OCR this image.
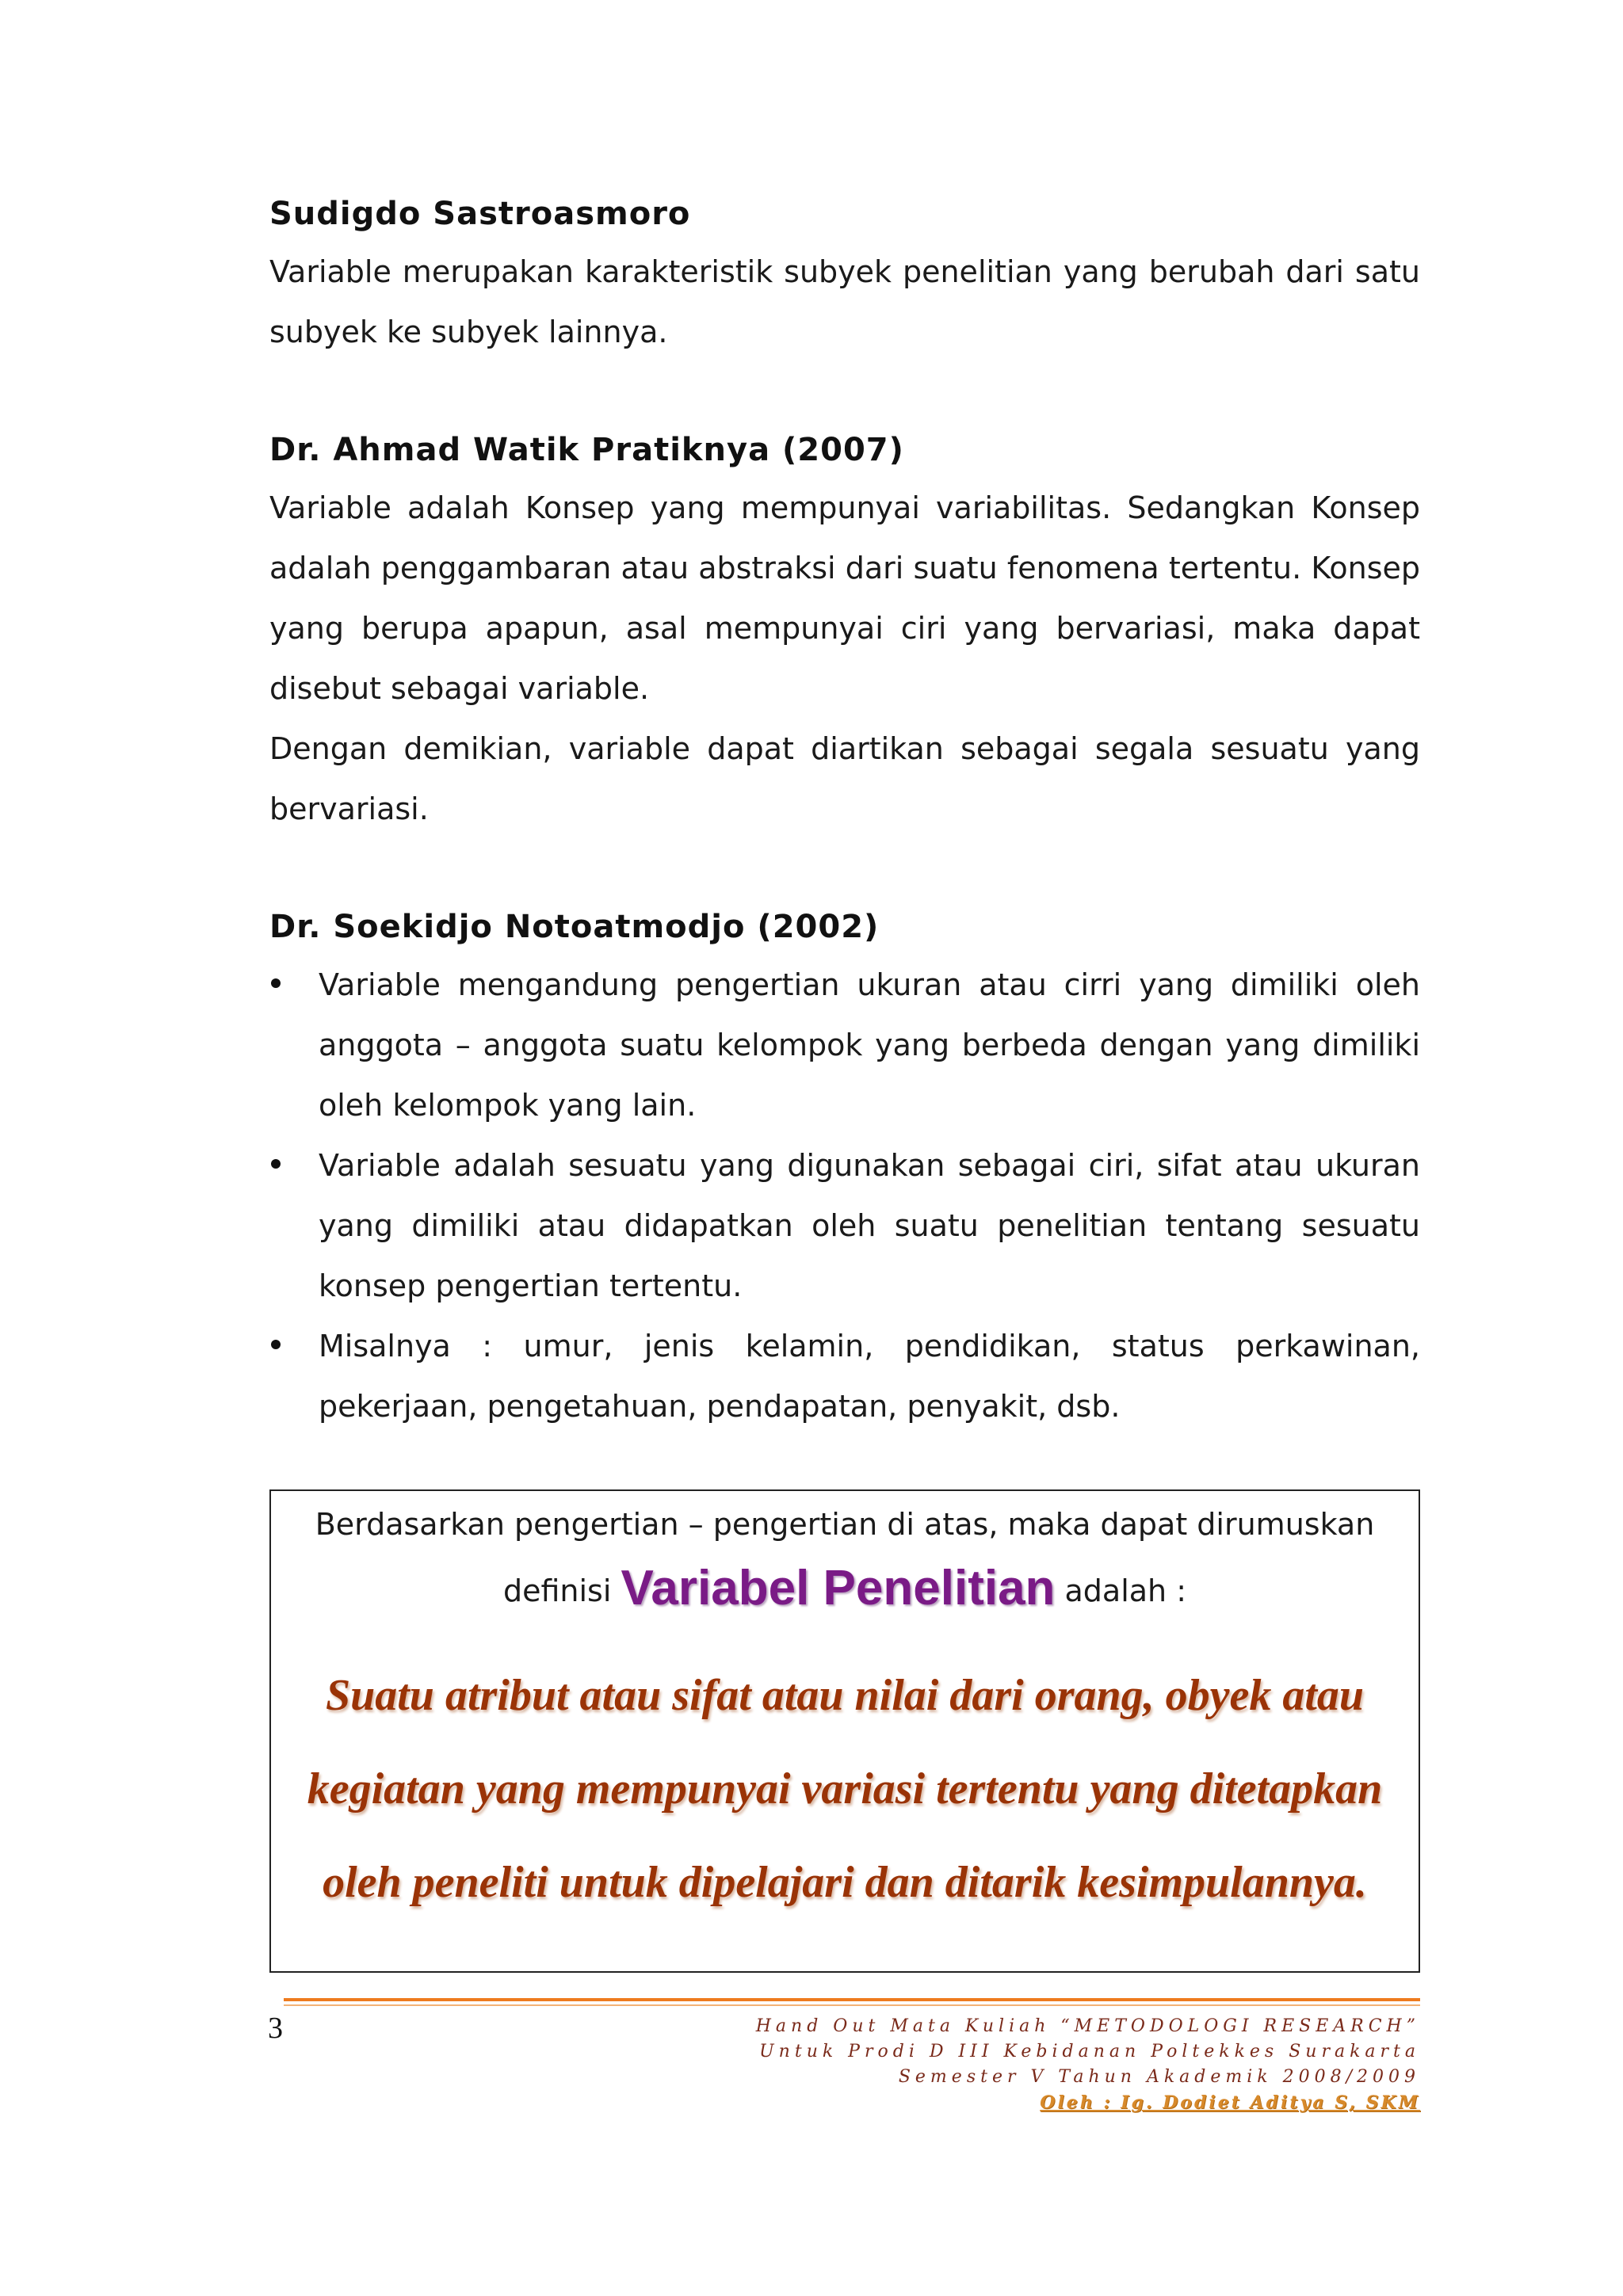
Sudigdo Sastroasmoro

Variable merupakan karakteristik subyek penelitian yang berubah dari satu subyek ke subyek lainnya.

Dr. Ahmad Watik Pratiknya (2007)

Variable adalah Konsep yang mempunyai variabilitas. Sedangkan Konsep adalah penggambaran atau abstraksi dari suatu fenomena tertentu. Konsep yang berupa apapun, asal mempunyai ciri yang bervariasi, maka dapat disebut sebagai variable.

Dengan demikian, variable dapat diartikan sebagai segala sesuatu yang bervariasi.

Dr. Soekidjo Notoatmodjo (2002)
Variable mengandung pengertian ukuran atau cirri yang dimiliki oleh anggota – anggota suatu kelompok yang berbeda dengan yang dimiliki oleh kelompok yang lain.
Variable adalah sesuatu yang digunakan sebagai ciri, sifat atau ukuran yang dimiliki atau didapatkan oleh suatu penelitian tentang sesuatu konsep pengertian tertentu.
Misalnya : umur, jenis kelamin, pendidikan, status perkawinan, pekerjaan, pengetahuan, pendapatan, penyakit, dsb.
Berdasarkan pengertian – pengertian di atas, maka dapat dirumuskan
definisi Variabel Penelitian adalah :
Suatu atribut atau sifat atau nilai dari orang, obyek atau kegiatan yang mempunyai variasi tertentu yang ditetapkan oleh peneliti untuk dipelajari dan ditarik kesimpulannya.
3	Hand Out Mata Kuliah “METODOLOGI RESEARCH”
Untuk Prodi D III Kebidanan Poltekkes Surakarta
Semester V Tahun Akademik 2008/2009
Oleh : Ig. Dodiet Aditya S, SKM
